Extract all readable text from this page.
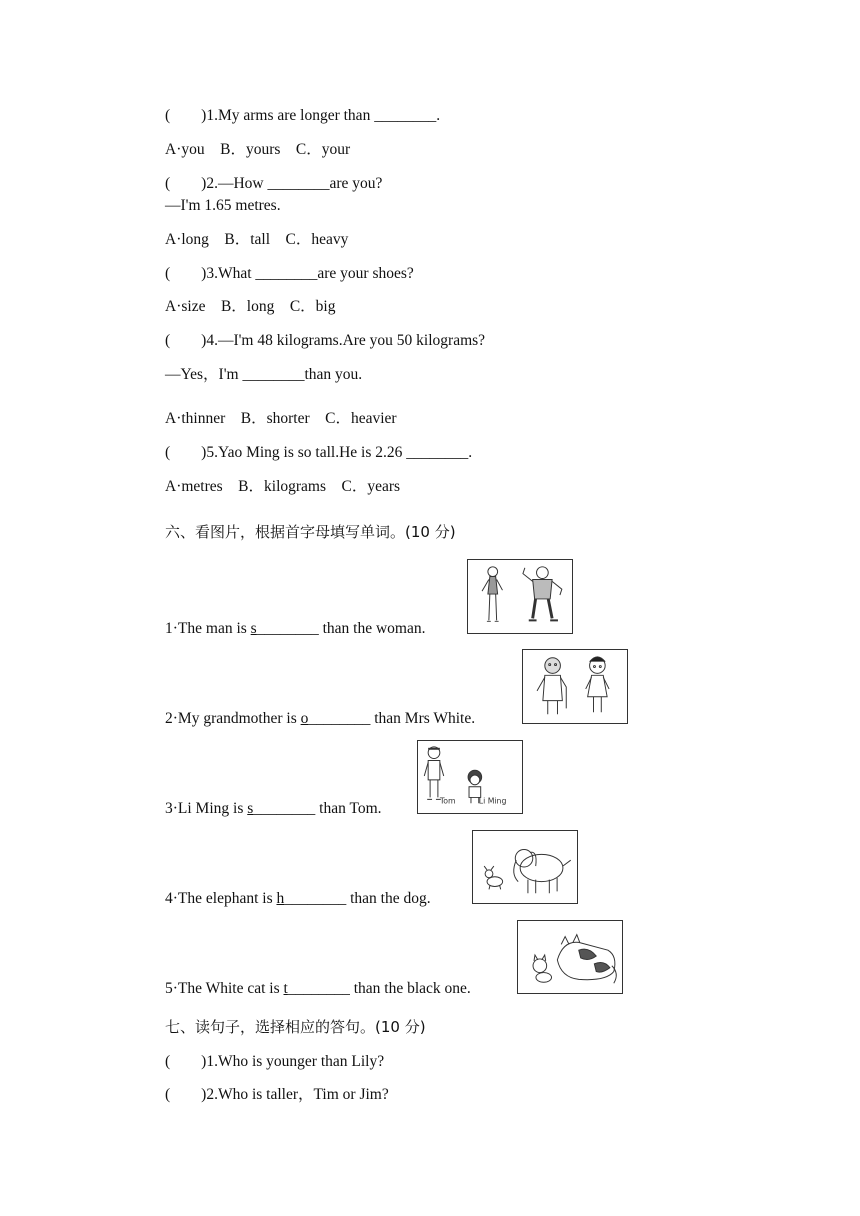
(　　)1.My arms are longer than ________.
A·you　B．yours　C．your
(　　)2.—How ________are you?
—I'm 1.65 metres.
A·long　B．tall　C．heavy
(　　)3.What ________are your shoes?
A·size　B．long　C．big
(　　)4.—I'm 48 kilograms.Are you 50 kilograms?
—Yes，I'm ________than you.
A·thinner　B．shorter　C．heavier
(　　)5.Yao Ming is so tall.He is 2.26 ________.
A·metres　B．kilograms　C．years
六、看图片，根据首字母填写单词。(10 分)
1·The man is s________ than the woman.
2·My grandmother is o________ than Mrs White.
3·Li Ming is s________ than Tom.
4·The elephant is h________ than the dog.
5·The White cat is t________ than the black one.
Tom	Li Ming
七、读句子，选择相应的答句。(10 分)
(　　)1.Who is younger than Lily?
(　　)2.Who is taller，Tim or Jim?
